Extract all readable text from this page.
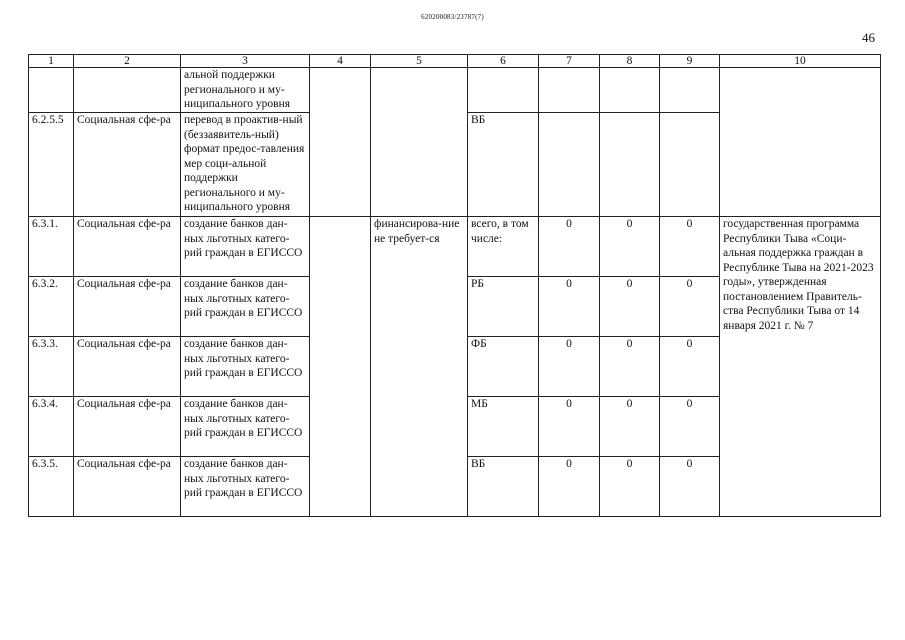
620200083/23787(7)
46
1	2	3	4	5	6	7	8	9	10
		альной поддержки регионального и му-ниципального уровня							
6.2.5.5	Социальная сфе-ра	перевод в проактив-ный (беззаявитель-ный) формат предос-тавления мер соци-альной поддержки регионального и му-ниципального уровня			ВБ				
6.3.1.	Социальная сфе-ра	создание банков дан-ных льготных катего-рий граждан в ЕГИССО		финансирова-ние не требует-ся	всего, в том числе:	0	0	0	государственная программа Республики Тыва «Соци-альная поддержка граждан в Республике Тыва на 2021-2023 годы», утвержденная постановлением Правитель-ства Республики Тыва от 14 января 2021 г. № 7
6.3.2.	Социальная сфе-ра	создание банков дан-ных льготных катего-рий граждан в ЕГИССО			РБ	0	0	0	
6.3.3.	Социальная сфе-ра	создание банков дан-ных льготных катего-рий граждан в ЕГИССО			ФБ	0	0	0	
6.3.4.	Социальная сфе-ра	создание банков дан-ных льготных катего-рий граждан в ЕГИССО			МБ	0	0	0	
6.3.5.	Социальная сфе-ра	создание банков дан-ных льготных катего-рий граждан в ЕГИССО			ВБ	0	0	0	
